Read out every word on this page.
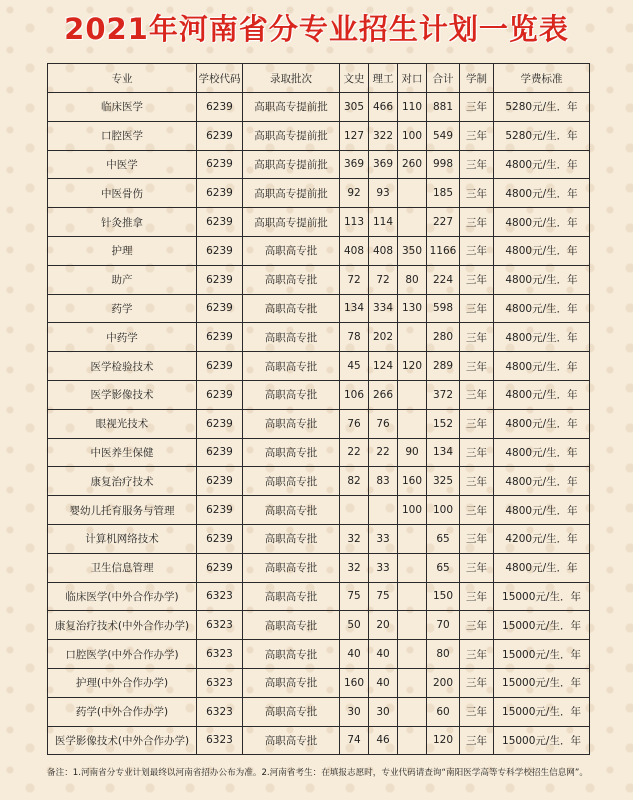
2021年河南省分专业招生计划一览表
专业	学校代码	录取批次	文史	理工	对口	合计	学制	学费标准
临床医学	6239	高职高专提前批	305	466	110	881	三年	5280元/生．年
口腔医学	6239	高职高专提前批	127	322	100	549	三年	5280元/生．年
中医学	6239	高职高专提前批	369	369	260	998	三年	4800元/生．年
中医骨伤	6239	高职高专提前批	92	93		185	三年	4800元/生．年
针灸推拿	6239	高职高专提前批	113	114		227	三年	4800元/生．年
护理	6239	高职高专批	408	408	350	1166	三年	4800元/生．年
助产	6239	高职高专批	72	72	80	224	三年	4800元/生．年
药学	6239	高职高专批	134	334	130	598	三年	4800元/生．年
中药学	6239	高职高专批	78	202		280	三年	4800元/生．年
医学检验技术	6239	高职高专批	45	124	120	289	三年	4800元/生．年
医学影像技术	6239	高职高专批	106	266		372	三年	4800元/生．年
眼视光技术	6239	高职高专批	76	76		152	三年	4800元/生．年
中医养生保健	6239	高职高专批	22	22	90	134	三年	4800元/生．年
康复治疗技术	6239	高职高专批	82	83	160	325	三年	4800元/生．年
婴幼儿托育服务与管理	6239	高职高专批			100	100	三年	4800元/生．年
计算机网络技术	6239	高职高专批	32	33		65	三年	4200元/生．年
卫生信息管理	6239	高职高专批	32	33		65	三年	4800元/生．年
临床医学(中外合作办学)	6323	高职高专批	75	75		150	三年	15000元/生．年
康复治疗技术(中外合作办学)	6323	高职高专批	50	20		70	三年	15000元/生．年
口腔医学(中外合作办学)	6323	高职高专批	40	40		80	三年	15000元/生．年
护理(中外合作办学)	6323	高职高专批	160	40		200	三年	15000元/生．年
药学(中外合作办学)	6323	高职高专批	30	30		60	三年	15000元/生．年
医学影像技术(中外合作办学)	6323	高职高专批	74	46		120	三年	15000元/生．年
备注：1.河南省分专业计划最终以河南省招办公布为准。2.河南省考生：在填报志愿时，专业代码请查询“南阳医学高等专科学校招生信息网”。
